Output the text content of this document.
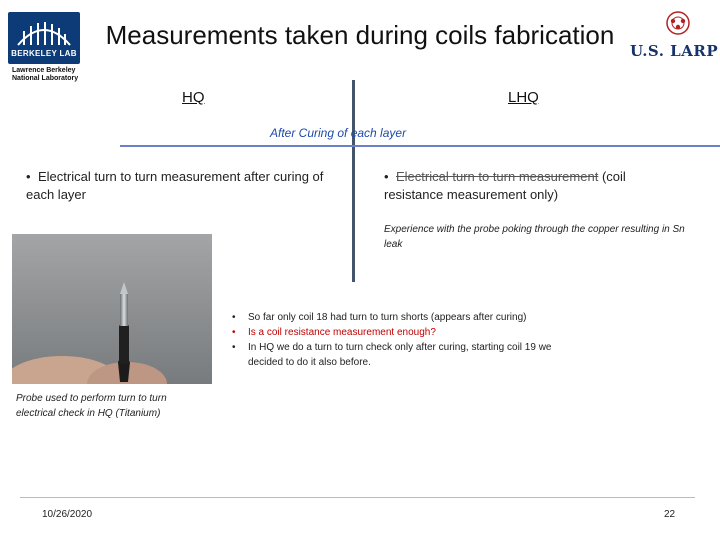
BERKELEY LAB
Lawrence Berkeley
National Laboratory
U.S. LARP
Measurements taken during coils fabrication
HQ	LHQ
After Curing of each layer
• Electrical turn to turn measurement after curing of each layer
• Electrical turn to turn measurement (coil resistance measurement only)
Experience with the probe poking through the copper resulting in Sn leak
• So far only coil 18 had turn to turn shorts (appears after curing)
• Is a coil resistance measurement enough?
• In HQ we do a turn to turn check only after curing, starting coil 19 we decided to do it also before.
Probe used to perform turn to turn electrical check in HQ (Titanium)
10/26/2020	22
